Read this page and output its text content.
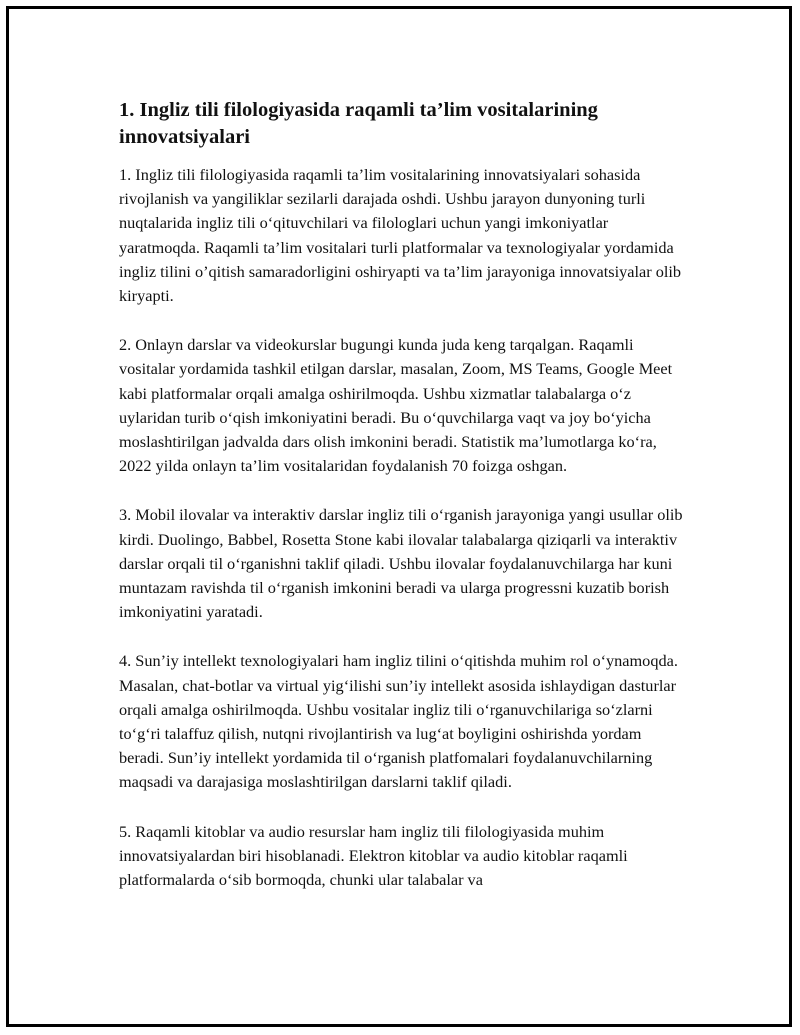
1. Ingliz tili filologiyasida raqamli ta’lim vositalarining innovatsiyalari

1. Ingliz tili filologiyasida raqamli ta’lim vositalarining innovatsiyalari sohasida rivojlanish va yangiliklar sezilarli darajada oshdi. Ushbu jarayon dunyoning turli nuqtalarida ingliz tili o‘qituvchilari va filologlari uchun yangi imkoniyatlar yaratmoqda. Raqamli ta’lim vositalari turli platformalar va texnologiyalar yordamida ingliz tilini o’qitish samaradorligini oshiryapti va ta’lim jarayoniga innovatsiyalar olib kiryapti.

2. Onlayn darslar va videokurslar bugungi kunda juda keng tarqalgan. Raqamli vositalar yordamida tashkil etilgan darslar, masalan, Zoom, MS Teams, Google Meet kabi platformalar orqali amalga oshirilmoqda. Ushbu xizmatlar talabalarga o‘z uylaridan turib o‘qish imkoniyatini beradi. Bu o‘quvchilarga vaqt va joy bo‘yicha moslashtirilgan jadvalda dars olish imkonini beradi. Statistik ma’lumotlarga ko‘ra, 2022 yilda onlayn ta’lim vositalaridan foydalanish 70 foizga oshgan.

3. Mobil ilovalar va interaktiv darslar ingliz tili o‘rganish jarayoniga yangi usullar olib kirdi. Duolingo, Babbel, Rosetta Stone kabi ilovalar talabalarga qiziqarli va interaktiv darslar orqali til o‘rganishni taklif qiladi. Ushbu ilovalar foydalanuvchilarga har kuni muntazam ravishda til o‘rganish imkonini beradi va ularga progressni kuzatib borish imkoniyatini yaratadi.

4. Sun’iy intellekt texnologiyalari ham ingliz tilini o‘qitishda muhim rol o‘ynamoqda. Masalan, chat-botlar va virtual yig‘ilishi sun’iy intellekt asosida ishlaydigan dasturlar orqali amalga oshirilmoqda. Ushbu vositalar ingliz tili o‘rganuvchilariga so‘zlarni to‘g‘ri talaffuz qilish, nutqni rivojlantirish va lug‘at boyligini oshirishda yordam beradi. Sun’iy intellekt yordamida til o‘rganish platfomalari foydalanuvchilarning maqsadi va darajasiga moslashtirilgan darslarni taklif qiladi.

5. Raqamli kitoblar va audio resurslar ham ingliz tili filologiyasida muhim innovatsiyalardan biri hisoblanadi. Elektron kitoblar va audio kitoblar raqamli platformalarda o‘sib bormoqda, chunki ular talabalar va
